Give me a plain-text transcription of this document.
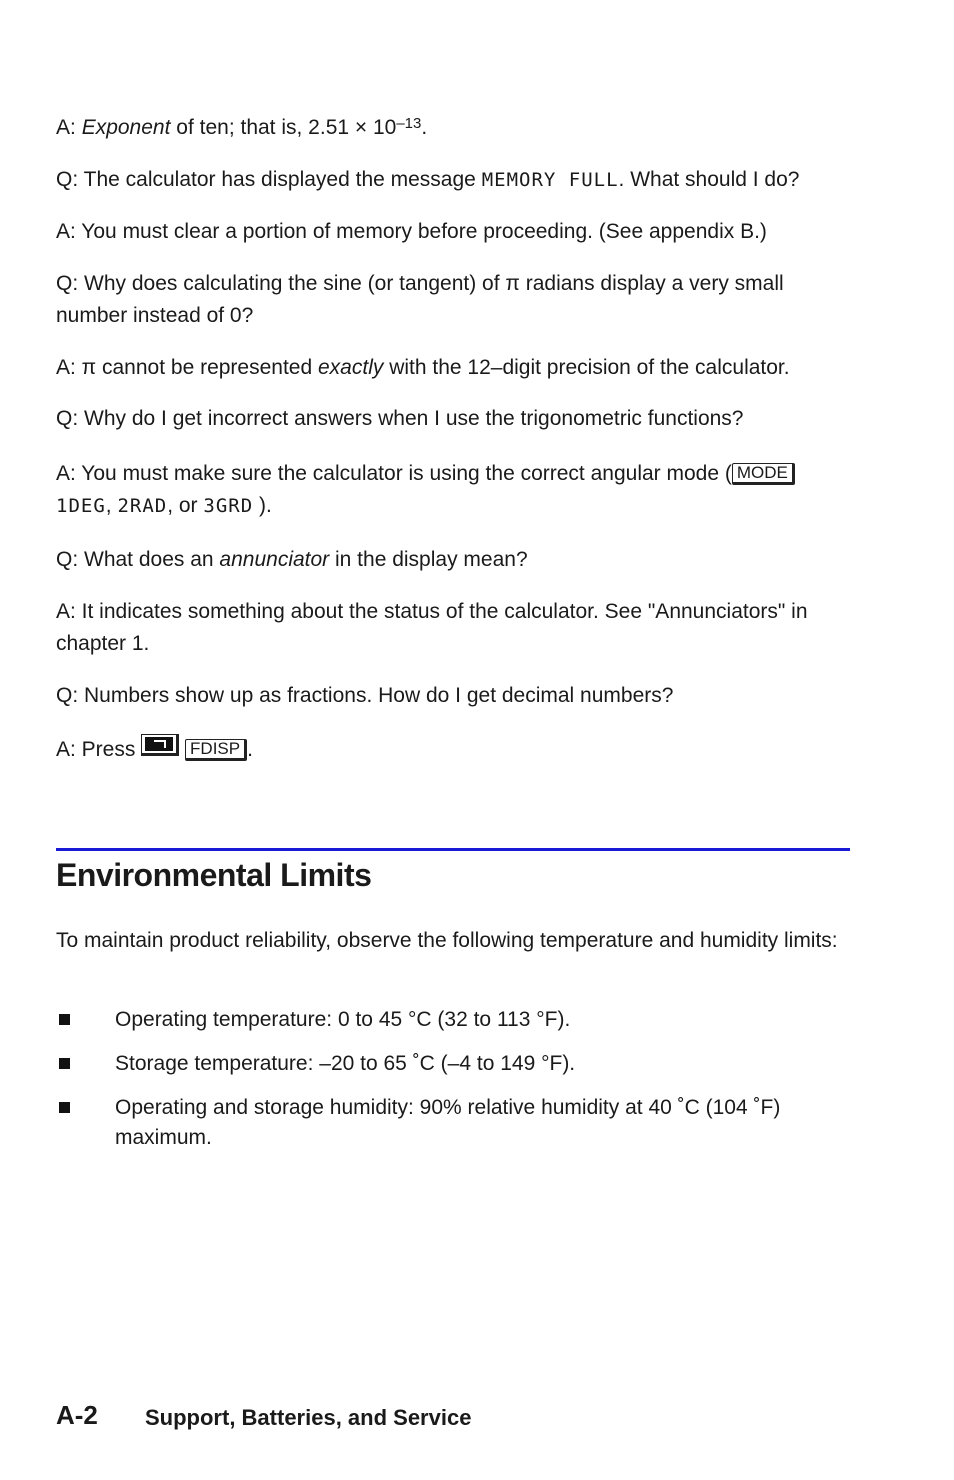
A: Exponent of ten; that is, $2.51 \times 10^{-13}$.

Q: The calculator has displayed the message MEMORY FULL. What should I do?

A: You must clear a portion of memory before proceeding. (See appendix B.)

Q: Why does calculating the sine (or tangent) of π radians display a very small number instead of 0?

A: π cannot be represented exactly with the 12–digit precision of the calculator.

Q: Why do I get incorrect answers when I use the trigonometric functions?

A: You must make sure the calculator is using the correct angular mode ( MODE
1DEG, 2RAD, or 3GRD ).

Q: What does an annunciator in the display mean?

A: It indicates something about the status of the calculator. See "Annunciators" in chapter 1.

Q: Numbers show up as fractions. How do I get decimal numbers?

A: Press	FDISP .

Environmental Limits

To maintain product reliability, observe the following temperature and humidity limits:

Operating temperature: 0 to 45 °C (32 to 113 °F).
Storage temperature: –20 to 65 ˚C (–4 to 149 °F).
Operating and storage humidity: 90% relative humidity at 40 ˚C (104 ˚F) maximum.
A-2 Support, Batteries, and Service
